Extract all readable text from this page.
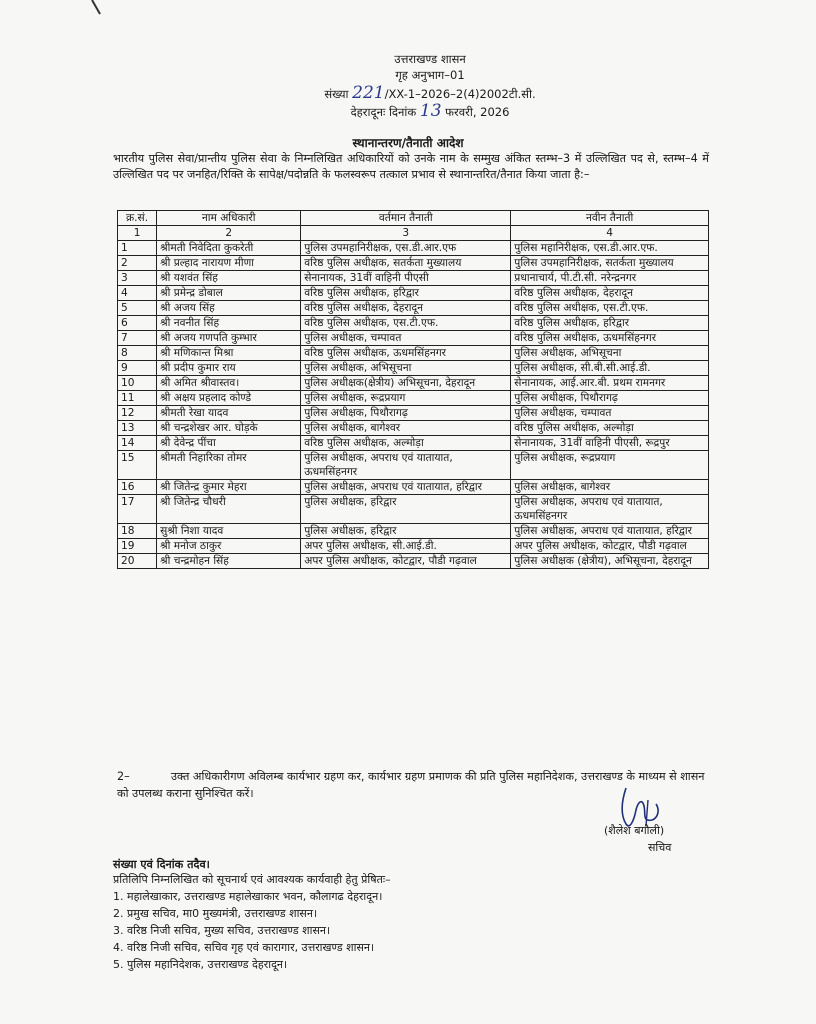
उत्तराखण्ड शासन
गृह अनुभाग–01
संख्या 221/XX-1–2026–2(4)2002टी.सी.
देहरादूनः दिनांक 13 फरवरी, 2026
स्थानान्तरण/तैनाती आदेश
भारतीय पुलिस सेवा/प्रान्तीय पुलिस सेवा के निम्नलिखित अधिकारियों को उनके नाम के सम्मुख अंकित स्तम्भ–3 में उल्लिखित पद से, स्तम्भ–4 में उल्लिखित पद पर जनहित/रिक्ति के सापेक्ष/पदोन्नति के फलस्वरूप तत्काल प्रभाव से स्थानान्तरित/तैनात किया जाता है:–
क्र.सं.	नाम अधिकारी	वर्तमान तैनाती	नवीन तैनाती
1	2	3	4
1	श्रीमती निवेदिता कुकरेती	पुलिस उपमहानिरीक्षक, एस.डी.आर.एफ	पुलिस महानिरीक्षक, एस.डी.आर.एफ.
2	श्री प्रल्हाद नारायण मीणा	वरिष्ठ पुलिस अधीक्षक, सतर्कता मुख्यालय	पुलिस उपमहानिरीक्षक, सतर्कता मुख्यालय
3	श्री यशवंत सिंह	सेनानायक, 31वीं वाहिनी पीएसी	प्रधानाचार्य, पी.टी.सी. नरेन्द्रनगर
4	श्री प्रमेन्द्र डोबाल	वरिष्ठ पुलिस अधीक्षक, हरिद्वार	वरिष्ठ पुलिस अधीक्षक, देहरादून
5	श्री अजय सिंह	वरिष्ठ पुलिस अधीक्षक, देहरादून	वरिष्ठ पुलिस अधीक्षक, एस.टी.एफ.
6	श्री नवनीत सिंह	वरिष्ठ पुलिस अधीक्षक, एस.टी.एफ.	वरिष्ठ पुलिस अधीक्षक, हरिद्वार
7	श्री अजय गणपति कुम्भार	पुलिस अधीक्षक, चम्पावत	वरिष्ठ पुलिस अधीक्षक, ऊधमसिंहनगर
8	श्री मणिकान्त मिश्रा	वरिष्ठ पुलिस अधीक्षक, ऊधमसिंहनगर	पुलिस अधीक्षक, अभिसूचना
9	श्री प्रदीप कुमार राय	पुलिस अधीक्षक, अभिसूचना	पुलिस अधीक्षक, सी.बी.सी.आई.डी.
10	श्री अमित श्रीवास्तव।	पुलिस अधीक्षक(क्षेत्रीय) अभिसूचना, देहरादून	सेनानायक, आई.आर.बी. प्रथम रामनगर
11	श्री अक्षय प्रहलाद कोण्डे	पुलिस अधीक्षक, रूद्रप्रयाग	पुलिस अधीक्षक, पिथौरागढ़
12	श्रीमती रेखा यादव	पुलिस अधीक्षक, पिथौरागढ़	पुलिस अधीक्षक, चम्पावत
13	श्री चन्द्रशेखर आर. घोड़के	पुलिस अधीक्षक, बागेश्वर	वरिष्ठ पुलिस अधीक्षक, अल्मोड़ा
14	श्री देवेन्द्र पींचा	वरिष्ठ पुलिस अधीक्षक, अल्मोड़ा	सेनानायक, 31वीं वाहिनी पीएसी, रूद्रपुर
15	श्रीमती निहारिका तोमर	पुलिस अधीक्षक, अपराध एवं यातायात, ऊधमसिंहनगर	पुलिस अधीक्षक, रूद्रप्रयाग
16	श्री जितेन्द्र कुमार मेहरा	पुलिस अधीक्षक, अपराध एवं यातायात, हरिद्वार	पुलिस अधीक्षक, बागेश्वर
17	श्री जितेन्द्र चौधरी	पुलिस अधीक्षक, हरिद्वार	पुलिस अधीक्षक, अपराध एवं यातायात, ऊधमसिंहनगर
18	सुश्री निशा यादव	पुलिस अधीक्षक, हरिद्वार	पुलिस अधीक्षक, अपराध एवं यातायात, हरिद्वार
19	श्री मनोज ठाकुर	अपर पुलिस अधीक्षक, सी.आई.डी.	अपर पुलिस अधीक्षक, कोटद्वार, पौडी गढ़वाल
20	श्री चन्द्रमोहन सिंह	अपर पुलिस अधीक्षक, कोटद्वार, पौडी गढ़वाल	पुलिस अधीक्षक (क्षेत्रीय), अभिसूचना, देहरादून
2–	उक्त अधिकारीगण अविलम्ब कार्यभार ग्रहण कर, कार्यभार ग्रहण प्रमाणक की प्रति पुलिस महानिदेशक, उत्तराखण्ड के माध्यम से शासन को उपलब्ध कराना सुनिश्चित करें।
(शैलेश बगौली)
सचिव
संख्या एवं दिनांक तदैव।
प्रतिलिपि निम्नलिखित को सूचनार्थ एवं आवश्यक कार्यवाही हेतु प्रेषितः–
1. महालेखाकार, उत्तराखण्ड महालेखाकार भवन, कौलागढ देहरादून।
2. प्रमुख सचिव, मा0 मुख्यमंत्री, उत्तराखण्ड शासन।
3. वरिष्ठ निजी सचिव, मुख्य सचिव, उत्तराखण्ड शासन।
4. वरिष्ठ निजी सचिव, सचिव गृह एवं कारागार, उत्तराखण्ड शासन।
5. पुलिस महानिदेशक, उत्तराखण्ड देहरादून।
